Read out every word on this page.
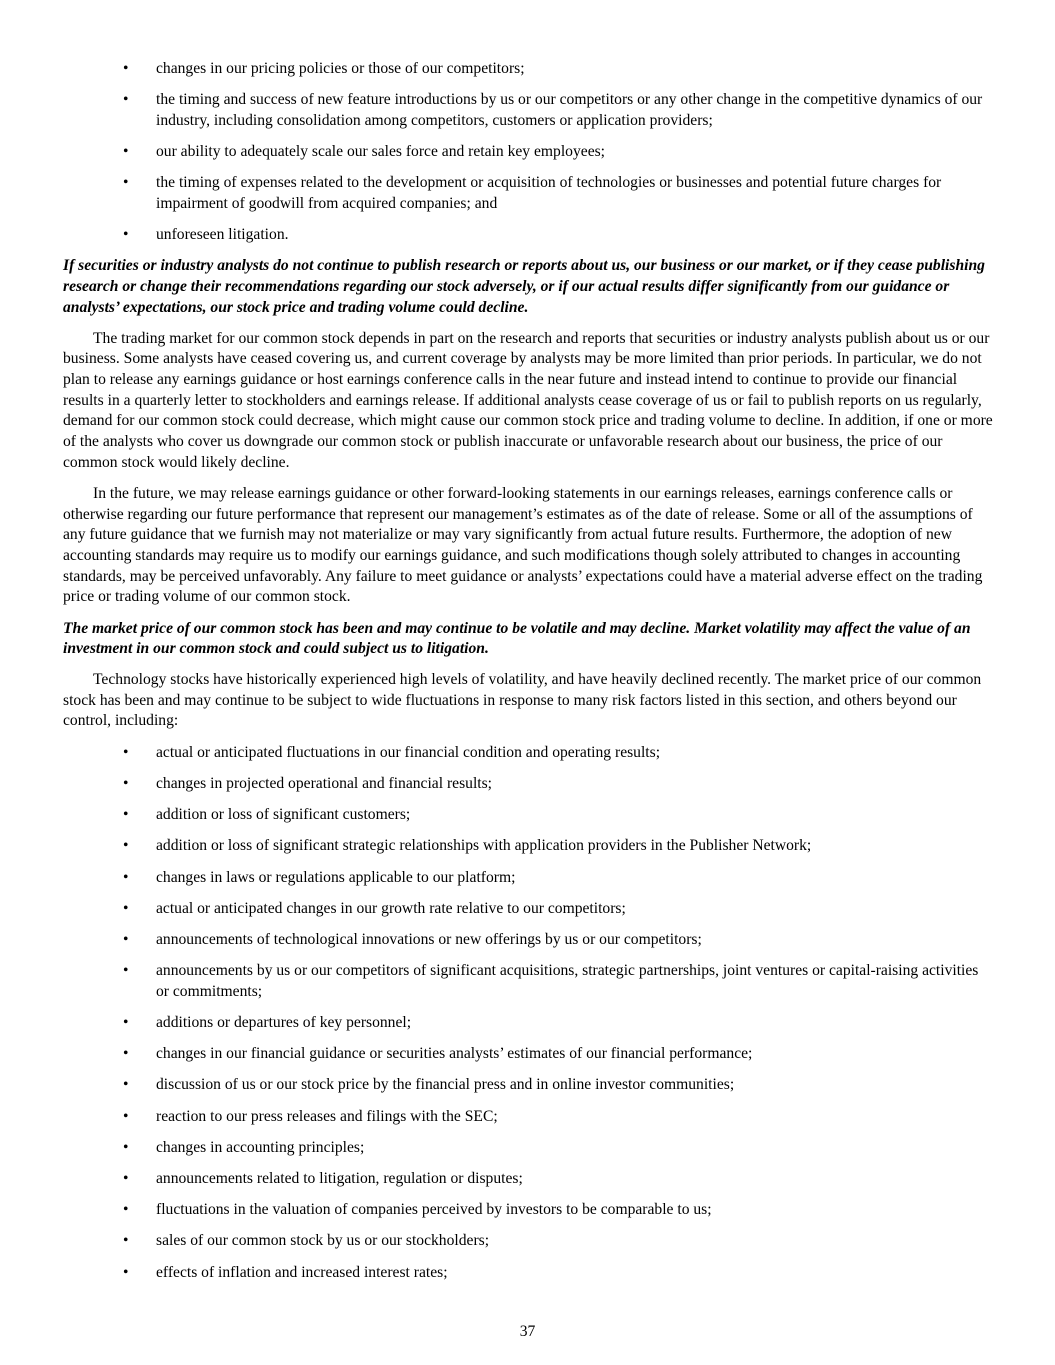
• changes in our pricing policies or those of our competitors;
• the timing and success of new feature introductions by us or our competitors or any other change in the competitive dynamics of our industry, including consolidation among competitors, customers or application providers;
• our ability to adequately scale our sales force and retain key employees;
• the timing of expenses related to the development or acquisition of technologies or businesses and potential future charges for impairment of goodwill from acquired companies; and
• unforeseen litigation.

If securities or industry analysts do not continue to publish research or reports about us, our business or our market, or if they cease publishing research or change their recommendations regarding our stock adversely, or if our actual results differ significantly from our guidance or analysts’ expectations, our stock price and trading volume could decline.

The trading market for our common stock depends in part on the research and reports that securities or industry analysts publish about us or our business. Some analysts have ceased covering us, and current coverage by analysts may be more limited than prior periods. In particular, we do not plan to release any earnings guidance or host earnings conference calls in the near future and instead intend to continue to provide our financial results in a quarterly letter to stockholders and earnings release. If additional analysts cease coverage of us or fail to publish reports on us regularly, demand for our common stock could decrease, which might cause our common stock price and trading volume to decline. In addition, if one or more of the analysts who cover us downgrade our common stock or publish inaccurate or unfavorable research about our business, the price of our common stock would likely decline.

In the future, we may release earnings guidance or other forward-looking statements in our earnings releases, earnings conference calls or otherwise regarding our future performance that represent our management’s estimates as of the date of release. Some or all of the assumptions of any future guidance that we furnish may not materialize or may vary significantly from actual future results. Furthermore, the adoption of new accounting standards may require us to modify our earnings guidance, and such modifications though solely attributed to changes in accounting standards, may be perceived unfavorably. Any failure to meet guidance or analysts’ expectations could have a material adverse effect on the trading price or trading volume of our common stock.

The market price of our common stock has been and may continue to be volatile and may decline. Market volatility may affect the value of an investment in our common stock and could subject us to litigation.

Technology stocks have historically experienced high levels of volatility, and have heavily declined recently. The market price of our common stock has been and may continue to be subject to wide fluctuations in response to many risk factors listed in this section, and others beyond our control, including:

• actual or anticipated fluctuations in our financial condition and operating results;
• changes in projected operational and financial results;
• addition or loss of significant customers;
• addition or loss of significant strategic relationships with application providers in the Publisher Network;
• changes in laws or regulations applicable to our platform;
• actual or anticipated changes in our growth rate relative to our competitors;
• announcements of technological innovations or new offerings by us or our competitors;
• announcements by us or our competitors of significant acquisitions, strategic partnerships, joint ventures or capital-raising activities or commitments;
• additions or departures of key personnel;
• changes in our financial guidance or securities analysts’ estimates of our financial performance;
• discussion of us or our stock price by the financial press and in online investor communities;
• reaction to our press releases and filings with the SEC;
• changes in accounting principles;
• announcements related to litigation, regulation or disputes;
• fluctuations in the valuation of companies perceived by investors to be comparable to us;
• sales of our common stock by us or our stockholders;
• effects of inflation and increased interest rates;
37
